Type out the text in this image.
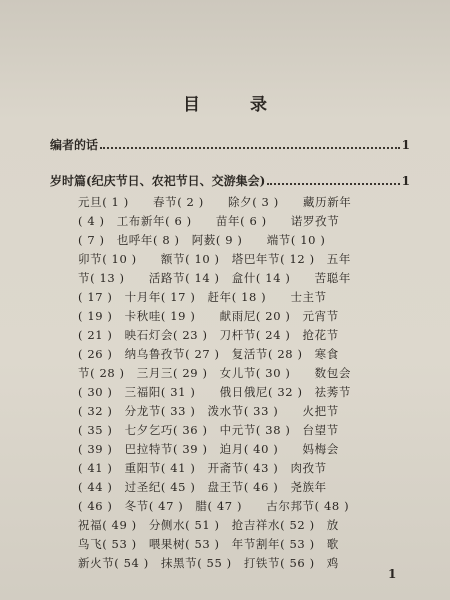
目 录
编者的话	1
岁时篇(纪庆节日、农祀节日、交游集会)	1
元旦( 1 )　　春节( 2 )　　除夕( 3 )　　藏历新年
( 4 )　工布新年( 6 )　　苗年( 6 )　　诺罗孜节
( 7 )　也呼年( 8 )　阿薮( 9 )　　端节( 10 )
卯节( 10 )　　额节( 10 )　塔巴年节( 12 )　五年
节( 13 )　　活路节( 14 )　盒什( 14 )　　苦聪年
( 17 )　十月年( 17 )　赶年( 18 )　　士主节
( 19 )　卡秋哇( 19 )　　献雨尼( 20 )　元宵节
( 21 )　映石灯会( 23 )　刀杆节( 24 )　抢花节
( 26 )　纳乌鲁孜节( 27 )　复活节( 28 )　寒食
节( 28 )　三月三( 29 )　女儿节( 30 )　　数包会
( 30 )　三福阳( 31 )　　俄日俄尼( 32 )　祛莠节
( 32 )　分龙节( 33 )　泼水节( 33 )　　火把节
( 35 )　七夕乞巧( 36 )　中元节( 38 )　台望节
( 39 )　巴拉特节( 39 )　迫月( 40 )　　妈梅会
( 41 )　重阳节( 41 )　开斋节( 43 )　肉孜节
( 44 )　过圣纪( 45 )　盘王节( 46 )　尧族年
( 46 )　冬节( 47 )　腊( 47 )　　古尔邦节( 48 )
祝福( 49 )　分侧水( 51 )　抢吉祥水( 52 )　放
鸟飞( 53 )　喂果树( 53 )　年节割年( 53 )　歌
新火节( 54 )　抹黑节( 55 )　打铁节( 56 )　鸡
1
